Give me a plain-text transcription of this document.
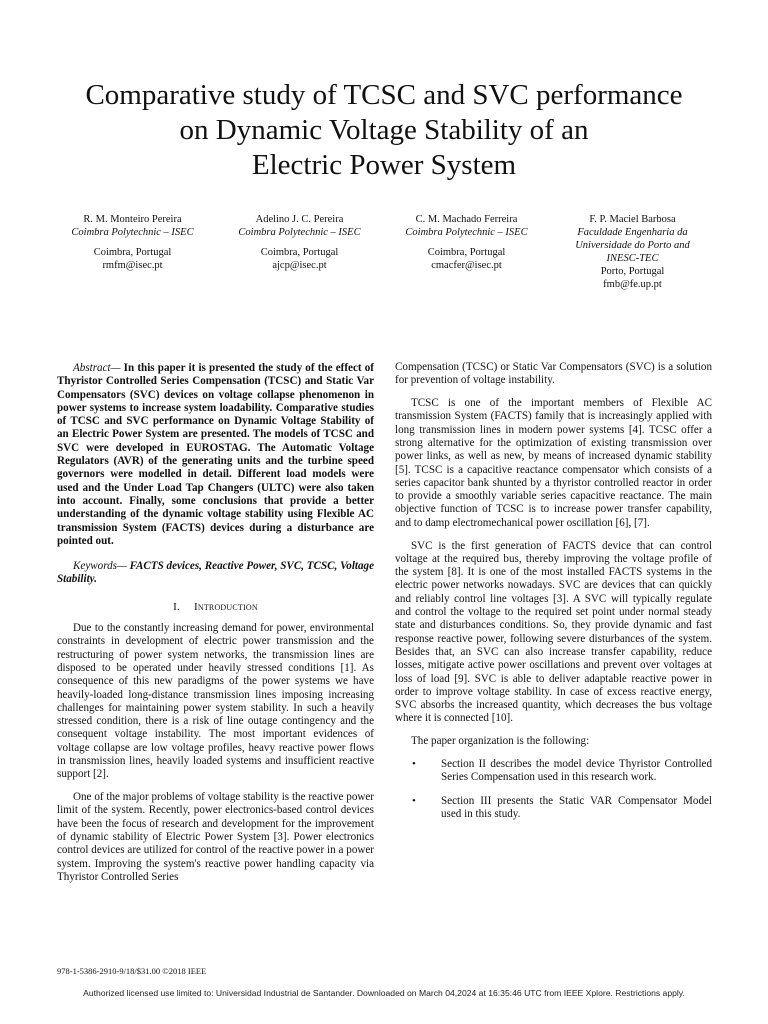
Comparative study of TCSC and SVC performance
on Dynamic Voltage Stability of an
Electric Power System
R. M. Monteiro Pereira
Coimbra Polytechnic – ISEC
Coimbra, Portugal
rmfm@isec.pt
Adelino J. C. Pereira
Coimbra Polytechnic – ISEC
Coimbra, Portugal
ajcp@isec.pt
C. M. Machado Ferreira
Coimbra Polytechnic – ISEC
Coimbra, Portugal
cmacfer@isec.pt
F. P. Maciel Barbosa
Faculdade Engenharia da
Universidade do Porto and
INESC-TEC
Porto, Portugal
fmb@fe.up.pt

Abstract— In this paper it is presented the study of the effect of Thyristor Controlled Series Compensation (TCSC) and Static Var Compensators (SVC) devices on voltage collapse phenomenon in power systems to increase system loadability. Comparative studies of TCSC and SVC performance on Dynamic Voltage Stability of an Electric Power System are presented. The models of TCSC and SVC were developed in EUROSTAG. The Automatic Voltage Regulators (AVR) of the generating units and the turbine speed governors were modelled in detail. Different load models were used and the Under Load Tap Changers (ULTC) were also taken into account. Finally, some conclusions that provide a better understanding of the dynamic voltage stability using Flexible AC transmission System (FACTS) devices during a disturbance are pointed out.

Keywords— FACTS devices, Reactive Power, SVC, TCSC, Voltage Stability.

I. Introduction

Due to the constantly increasing demand for power, environmental constraints in development of electric power transmission and the restructuring of power system networks, the transmission lines are disposed to be operated under heavily stressed conditions [1]. As consequence of this new paradigms of the power systems we have heavily-loaded long-distance transmission lines imposing increasing challenges for maintaining power system stability. In such a heavily stressed condition, there is a risk of line outage contingency and the consequent voltage instability. The most important evidences of voltage collapse are low voltage profiles, heavy reactive power flows in transmission lines, heavily loaded systems and insufficient reactive support [2].

One of the major problems of voltage stability is the reactive power limit of the system. Recently, power electronics-based control devices have been the focus of research and development for the improvement of dynamic stability of Electric Power System [3]. Power electronics control devices are utilized for control of the reactive power in a power system. Improving the system's reactive power handling capacity via Thyristor Controlled Series

Compensation (TCSC) or Static Var Compensators (SVC) is a solution for prevention of voltage instability.

TCSC is one of the important members of Flexible AC transmission System (FACTS) family that is increasingly applied with long transmission lines in modern power systems [4]. TCSC offer a strong alternative for the optimization of existing transmission over power links, as well as new, by means of increased dynamic stability [5]. TCSC is a capacitive reactance compensator which consists of a series capacitor bank shunted by a thyristor controlled reactor in order to provide a smoothly variable series capacitive reactance. The main objective function of TCSC is to increase power transfer capability, and to damp electromechanical power oscillation [6], [7].

SVC is the first generation of FACTS device that can control voltage at the required bus, thereby improving the voltage profile of the system [8]. It is one of the most installed FACTS systems in the electric power networks nowadays. SVC are devices that can quickly and reliably control line voltages [3]. A SVC will typically regulate and control the voltage to the required set point under normal steady state and disturbances conditions. So, they provide dynamic and fast response reactive power, following severe disturbances of the system. Besides that, an SVC can also increase transfer capability, reduce losses, mitigate active power oscillations and prevent over voltages at loss of load [9]. SVC is able to deliver adaptable reactive power in order to improve voltage stability. In case of excess reactive energy, SVC absorbs the increased quantity, which decreases the bus voltage where it is connected [10].

The paper organization is the following:

• Section II describes the model device Thyristor Controlled Series Compensation used in this research work.
• Section III presents the Static VAR Compensator Model used in this study.
978-1-5386-2910-9/18/$31.00 ©2018 IEEE
Authorized licensed use limited to: Universidad Industrial de Santander. Downloaded on March 04,2024 at 16:35:46 UTC from IEEE Xplore. Restrictions apply.
